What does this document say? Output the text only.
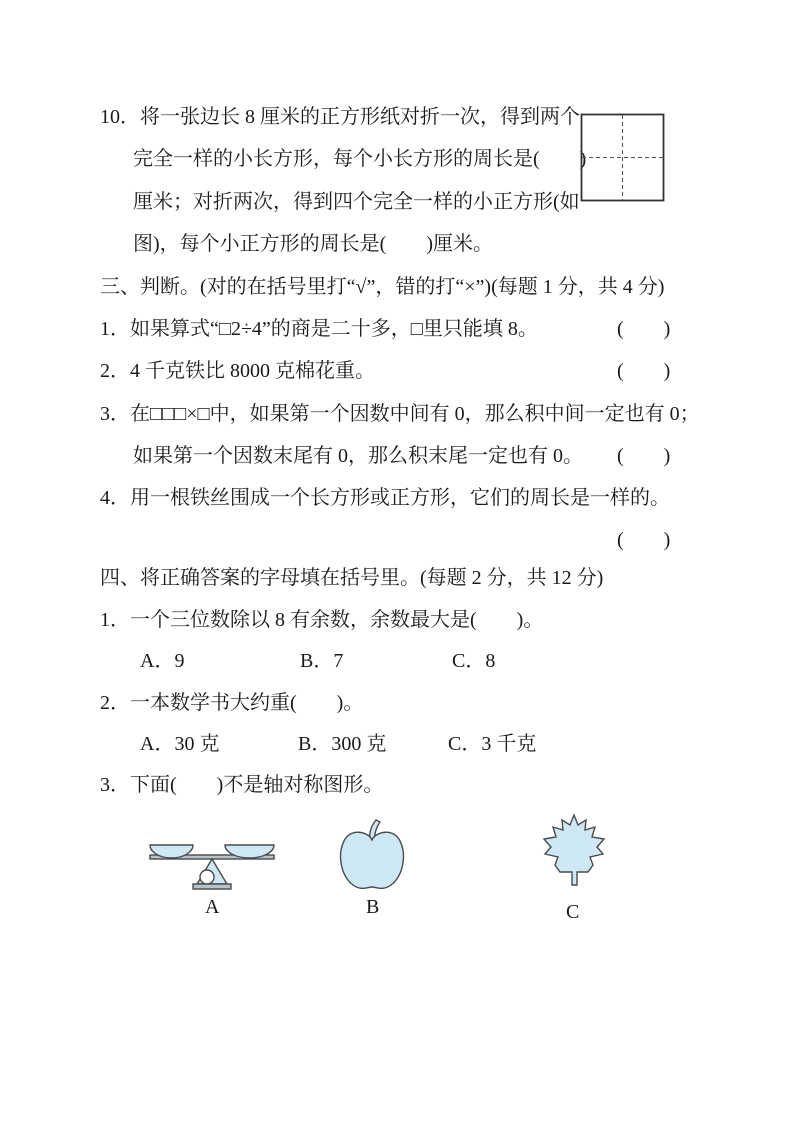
10．将一张边长 8 厘米的正方形纸对折一次，得到两个
完全一样的小长方形，每个小长方形的周长是(　　)
厘米；对折两次，得到四个完全一样的小正方形(如
图)，每个小正方形的周长是(　　)厘米。
三、判断。(对的在括号里打“√”，错的打“×”)(每题 1 分，共 4 分)
1．如果算式“□2÷4”的商是二十多，□里只能填 8。	(　　)
2．4 千克铁比 8000 克棉花重。	(　　)
3．在□□□×□中，如果第一个因数中间有 0，那么积中间一定也有 0；
如果第一个因数末尾有 0，那么积末尾一定也有 0。 (　　)
4．用一根铁丝围成一个长方形或正方形，它们的周长是一样的。
(　　)
四、将正确答案的字母填在括号里。(每题 2 分，共 12 分)
1．一个三位数除以 8 有余数，余数最大是(　　)。
A．9	B．7	C．8
2．一本数学书大约重(　　)。
A．30 克	B．300 克	C．3 千克
3．下面(　　)不是轴对称图形。
A	B	C
